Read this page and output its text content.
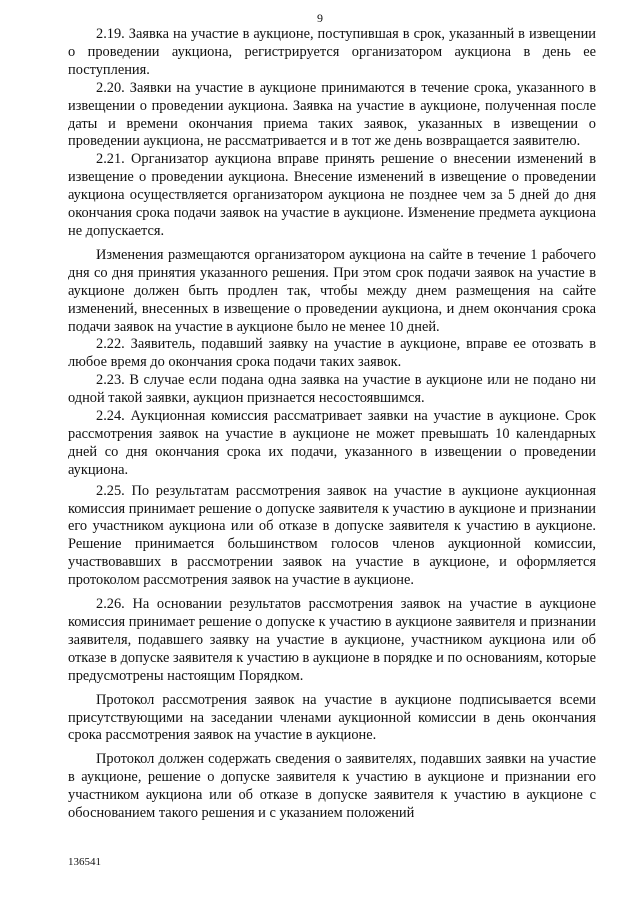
9

2.19. Заявка на участие в аукционе, поступившая в срок, указанный в извещении о проведении аукциона, регистрируется организатором аукциона в день ее поступления.

2.20. Заявки на участие в аукционе принимаются в течение срока, указанного в извещении о проведении аукциона. Заявка на участие в аукционе, полученная после даты и времени окончания приема таких заявок, указанных в извещении о проведении аукциона, не рассматривается и в тот же день возвращается заявителю.

2.21. Организатор аукциона вправе принять решение о внесении изменений в извещение о проведении аукциона. Внесение изменений в извещение о проведении аукциона осуществляется организатором аукциона не позднее чем за 5 дней до дня окончания срока подачи заявок на участие в аукционе. Изменение предмета аукциона не допускается.

Изменения размещаются организатором аукциона на сайте в течение 1 рабочего дня со дня принятия указанного решения. При этом срок подачи заявок на участие в аукционе должен быть продлен так, чтобы между днем размещения на сайте изменений, внесенных в извещение о проведении аукциона, и днем окончания срока подачи заявок на участие в аукционе было не менее 10 дней.

2.22. Заявитель, подавший заявку на участие в аукционе, вправе ее отозвать в любое время до окончания срока подачи таких заявок.

2.23. В случае если подана одна заявка на участие в аукционе или не подано ни одной такой заявки, аукцион признается несостоявшимся.

2.24. Аукционная комиссия рассматривает заявки на участие в аукционе. Срок рассмотрения заявок на участие в аукционе не может превышать 10 календарных дней со дня окончания срока их подачи, указанного в извещении о проведении аукциона.

2.25. По результатам рассмотрения заявок на участие в аукционе аукционная комиссия принимает решение о допуске заявителя к участию в аукционе и признании его участником аукциона или об отказе в допуске заявителя к участию в аукционе. Решение принимается большинством голосов членов аукционной комиссии, участвовавших в рассмотрении заявок на участие в аукционе, и оформляется протоколом рассмотрения заявок на участие в аукционе.

2.26. На основании результатов рассмотрения заявок на участие в аукционе комиссия принимает решение о допуске к участию в аукционе заявителя и признании заявителя, подавшего заявку на участие в аукционе, участником аукциона или об отказе в допуске заявителя к участию в аукционе в порядке и по основаниям, которые предусмотрены настоящим Порядком.

Протокол рассмотрения заявок на участие в аукционе подписывается всеми присутствующими на заседании членами аукционной комиссии в день окончания срока рассмотрения заявок на участие в аукционе.

Протокол должен содержать сведения о заявителях, подавших заявки на участие в аукционе, решение о допуске заявителя к участию в аукционе и признании его участником аукциона или об отказе в допуске заявителя к участию в аукционе с обоснованием такого решения и с указанием положений

136541
